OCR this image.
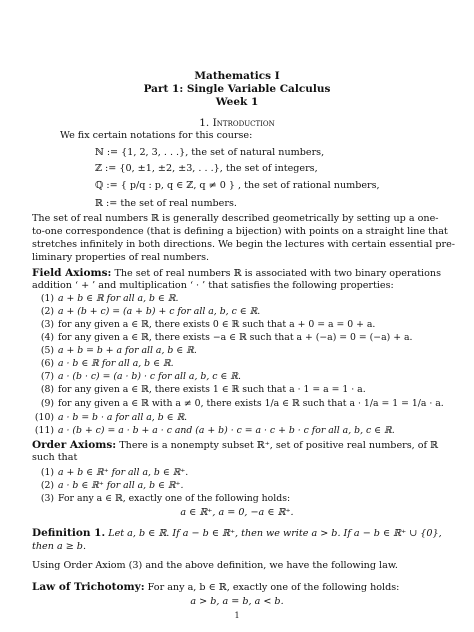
Mathematics I
Part 1: Single Variable Calculus
Week 1
1. Introduction
We fix certain notations for this course:
ℕ := {1, 2, 3, . . .}, the set of natural numbers,
ℤ := {0, ±1, ±2, ±3, . . .}, the set of integers,
ℚ := { p/q : p, q ∈ ℤ, q ≠ 0 } , the set of rational numbers,
ℝ := the set of real numbers.
The set of real numbers ℝ is generally described geometrically by setting up a one-
to-one correspondence (that is defining a bijection) with points on a straight line that
stretches infinitely in both directions. We begin the lectures with certain essential pre-
liminary properties of real numbers.
Field Axioms: The set of real numbers ℝ is associated with two binary operations
addition ‘ + ’ and multiplication ‘ · ’ that satisfies the following properties:
(1) a + b ∈ ℝ for all a, b ∈ ℝ.
(2) a + (b + c) = (a + b) + c for all a, b, c ∈ ℝ.
(3) for any given a ∈ ℝ, there exists 0 ∈ ℝ such that a + 0 = a = 0 + a.
(4) for any given a ∈ ℝ, there exists −a ∈ ℝ such that a + (−a) = 0 = (−a) + a.
(5) a + b = b + a for all a, b ∈ ℝ.
(6) a · b ∈ ℝ for all a, b ∈ ℝ.
(7) a · (b · c) = (a · b) · c for all a, b, c ∈ ℝ.
(8) for any given a ∈ ℝ, there exists 1 ∈ ℝ such that a · 1 = a = 1 · a.
(9) for any given a ∈ ℝ with a ≠ 0, there exists 1/a ∈ ℝ such that a · 1/a = 1 = 1/a · a.
(10) a · b = b · a for all a, b ∈ ℝ.
(11) a · (b + c) = a · b + a · c and (a + b) · c = a · c + b · c for all a, b, c ∈ ℝ.
Order Axioms: There is a nonempty subset ℝ⁺, set of positive real numbers, of ℝ
such that
(1) a + b ∈ ℝ⁺ for all a, b ∈ ℝ⁺.
(2) a · b ∈ ℝ⁺ for all a, b ∈ ℝ⁺.
(3) For any a ∈ ℝ, exactly one of the following holds:
a ∈ ℝ⁺, a = 0, −a ∈ ℝ⁺.
Definition 1. Let a, b ∈ ℝ. If a − b ∈ ℝ⁺, then we write a > b. If a − b ∈ ℝ⁺ ∪ {0},
then a ≥ b.
Using Order Axiom (3) and the above definition, we have the following law.
Law of Trichotomy: For any a, b ∈ ℝ, exactly one of the following holds:
a > b, a = b, a < b.
1
